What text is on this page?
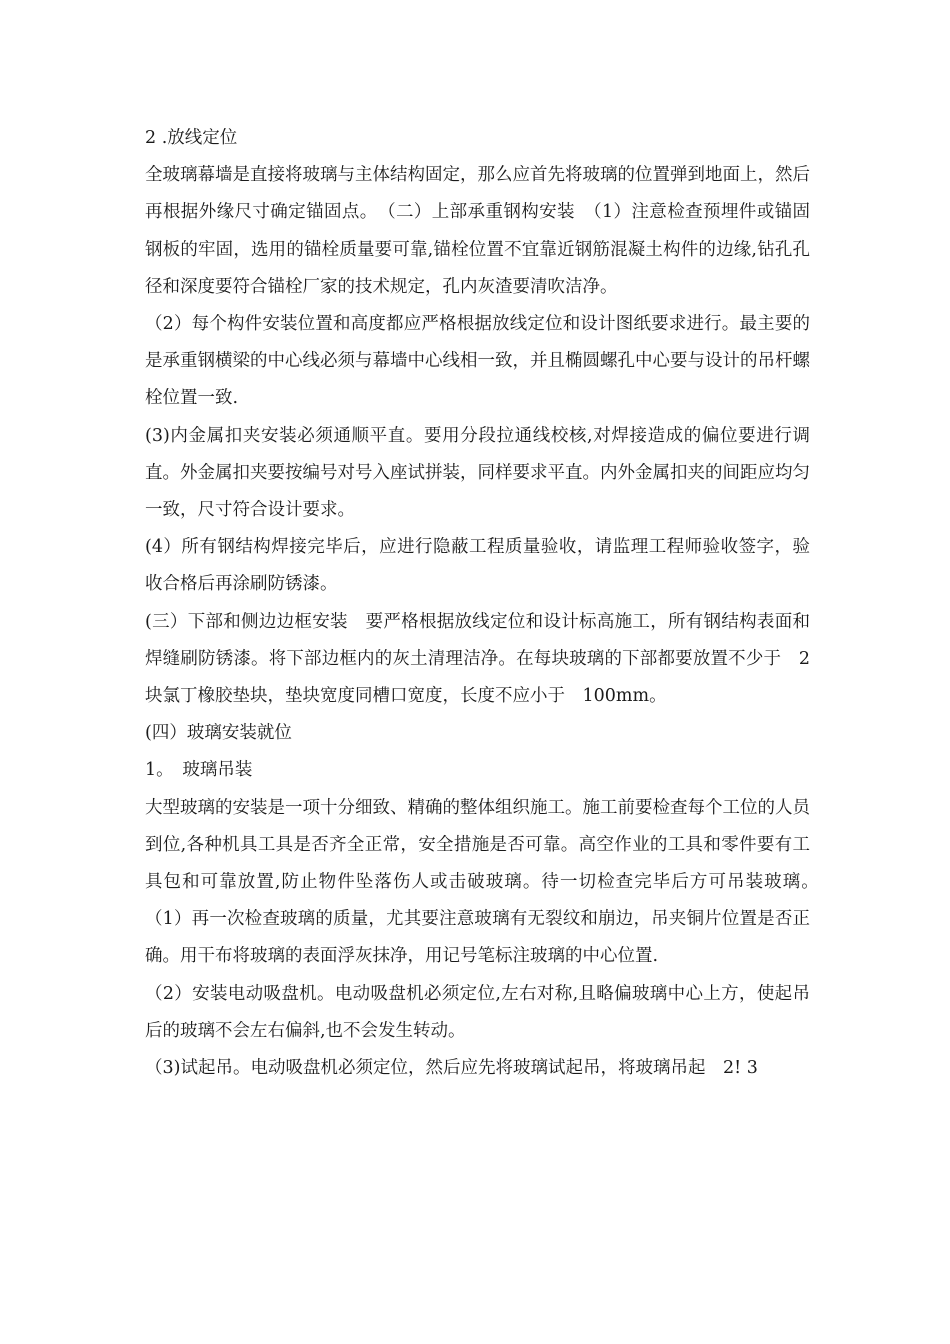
2 .放线定位

全玻璃幕墙是直接将玻璃与主体结构固定，那么应首先将玻璃的位置弹到地面上，然后再根据外缘尺寸确定锚固点。　（二）上部承重钢构安装　（1）注意检查预埋件或锚固钢板的牢固，选用的锚栓质量要可靠,锚栓位置不宜靠近钢筋混凝土构件的边缘,钻孔孔径和深度要符合锚栓厂家的技术规定，孔内灰渣要清吹洁净。

（2）每个构件安装位置和高度都应严格根据放线定位和设计图纸要求进行。最主要的是承重钢横梁的中心线必须与幕墙中心线相一致，并且椭圆螺孔中心要与设计的吊杆螺栓位置一致.

(3)内金属扣夹安装必须通顺平直。要用分段拉通线校核,对焊接造成的偏位要进行调直。外金属扣夹要按编号对号入座试拼装，同样要求平直。内外金属扣夹的间距应均匀一致，尺寸符合设计要求。

(4）所有钢结构焊接完毕后，应进行隐蔽工程质量验收，请监理工程师验收签字，验收合格后再涂刷防锈漆。

(三）下部和侧边边框安装　要严格根据放线定位和设计标高施工，所有钢结构表面和焊缝刷防锈漆。将下部边框内的灰土清理洁净。在每块玻璃的下部都要放置不少于　2 块氯丁橡胶垫块，垫块宽度同槽口宽度，长度不应小于　100mm。

(四）玻璃安装就位

1。　玻璃吊装

大型玻璃的安装是一项十分细致、精确的整体组织施工。施工前要检查每个工位的人员到位,各种机具工具是否齐全正常，安全措施是否可靠。高空作业的工具和零件要有工具包和可靠放置,防止物件坠落伤人或击破玻璃。待一切检查完毕后方可吊装玻璃。　（1）再一次检查玻璃的质量，尤其要注意玻璃有无裂纹和崩边，吊夹铜片位置是否正确。用干布将玻璃的表面浮灰抹净，用记号笔标注玻璃的中心位置.

（2）安装电动吸盘机。电动吸盘机必须定位,左右对称,且略偏玻璃中心上方，使起吊后的玻璃不会左右偏斜,也不会发生转动。

（3)试起吊。电动吸盘机必须定位，然后应先将玻璃试起吊，将玻璃吊起　2! 3
